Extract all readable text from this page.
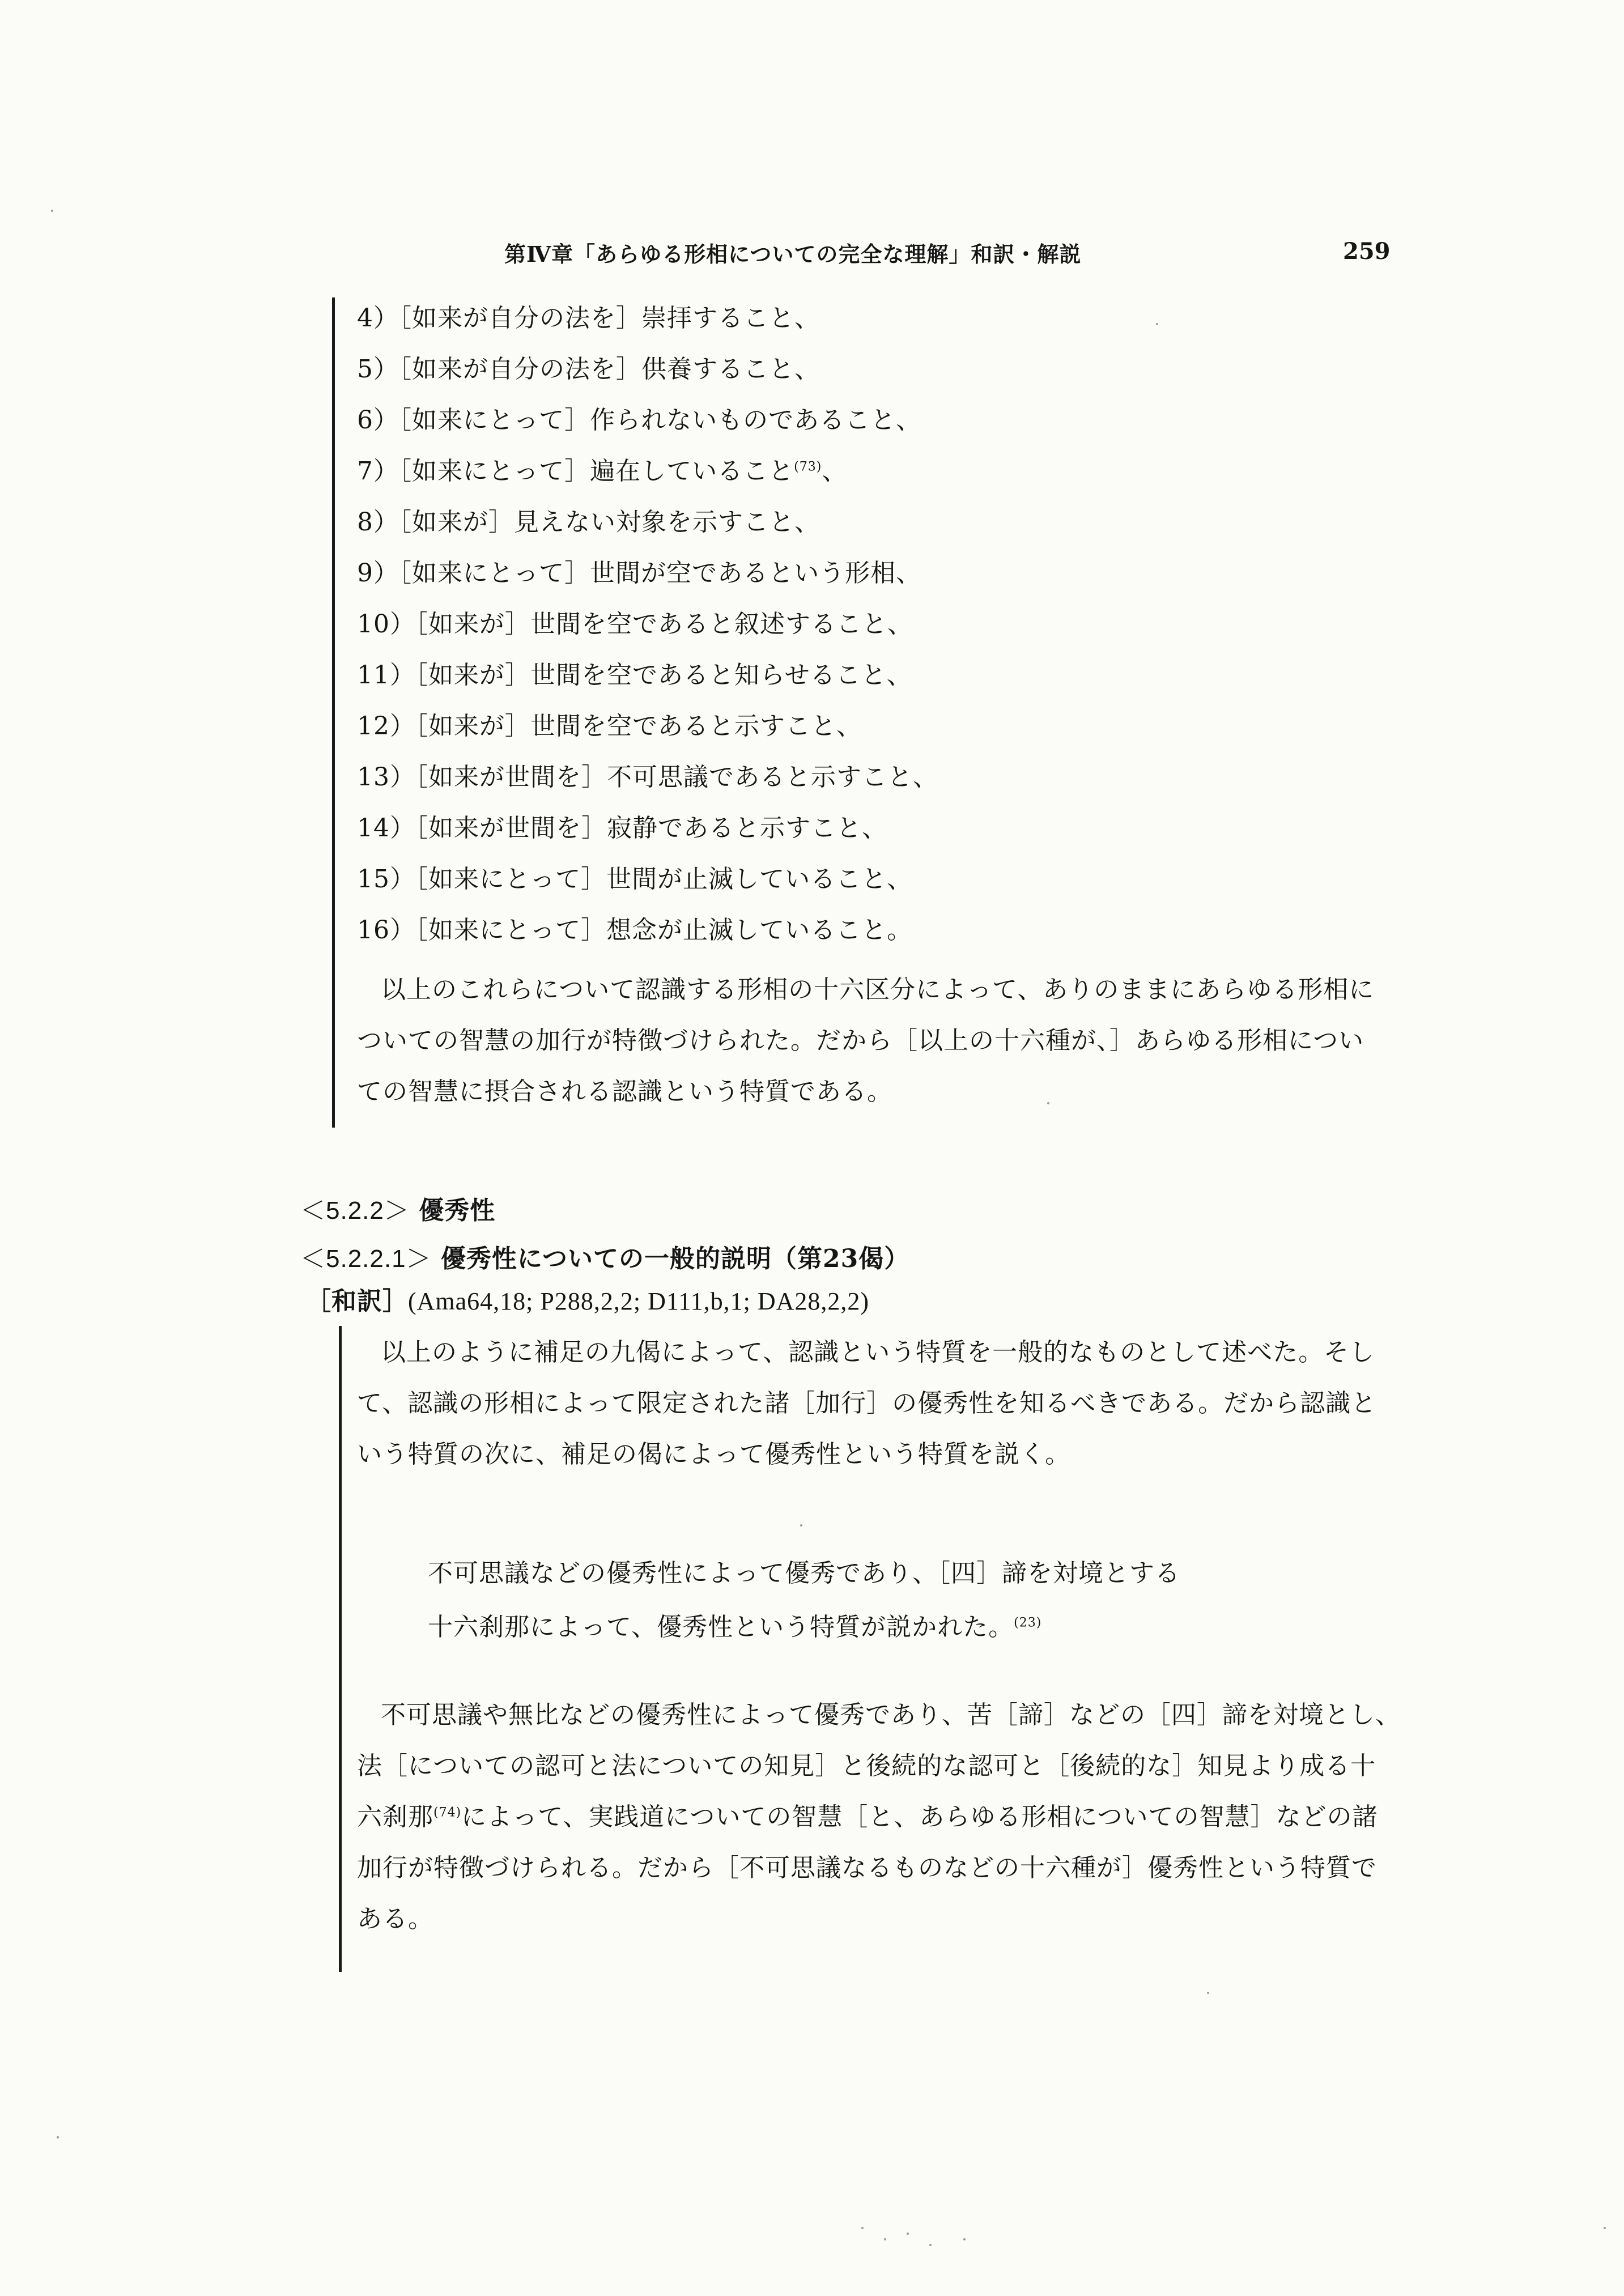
第Ⅳ章「あらゆる形相についての完全な理解」和訳・解説	259
4）［如来が自分の法を］崇拝すること、
5）［如来が自分の法を］供養すること、
6）［如来にとって］作られないものであること、
7）［如来にとって］遍在していること$^{(73)}$、
8）［如来が］見えない対象を示すこと、
9）［如来にとって］世間が空であるという形相、
10）［如来が］世間を空であると叙述すること、
11）［如来が］世間を空であると知らせること、
12）［如来が］世間を空であると示すこと、
13）［如来が世間を］不可思議であると示すこと、
14）［如来が世間を］寂静であると示すこと、
15）［如来にとって］世間が止滅していること、
16）［如来にとって］想念が止滅していること。
以上のこれらについて認識する形相の十六区分によって、ありのままにあらゆる形相に
ついての智慧の加行が特徴づけられた。だから［以上の十六種が、］あらゆる形相につい
ての智慧に摂合される認識という特質である。
＜5.2.2＞ 優秀性
＜5.2.2.1＞ 優秀性についての一般的説明（第23偈）
［和訳］(Ama64,18; P288,2,2; D111,b,1; DA28,2,2)
以上のように補足の九偈によって、認識という特質を一般的なものとして述べた。そし
て、認識の形相によって限定された諸［加行］の優秀性を知るべきである。だから認識と
いう特質の次に、補足の偈によって優秀性という特質を説く。
不可思議などの優秀性によって優秀であり、［四］諦を対境とする
十六刹那によって、優秀性という特質が説かれた。$^{(23)}$
不可思議や無比などの優秀性によって優秀であり、苦［諦］などの［四］諦を対境とし、
法［についての認可と法についての知見］と後続的な認可と［後続的な］知見より成る十
六刹那$^{(74)}$によって、実践道についての智慧［と、あらゆる形相についての智慧］などの諸
加行が特徴づけられる。だから［不可思議なるものなどの十六種が］優秀性という特質で
ある。
